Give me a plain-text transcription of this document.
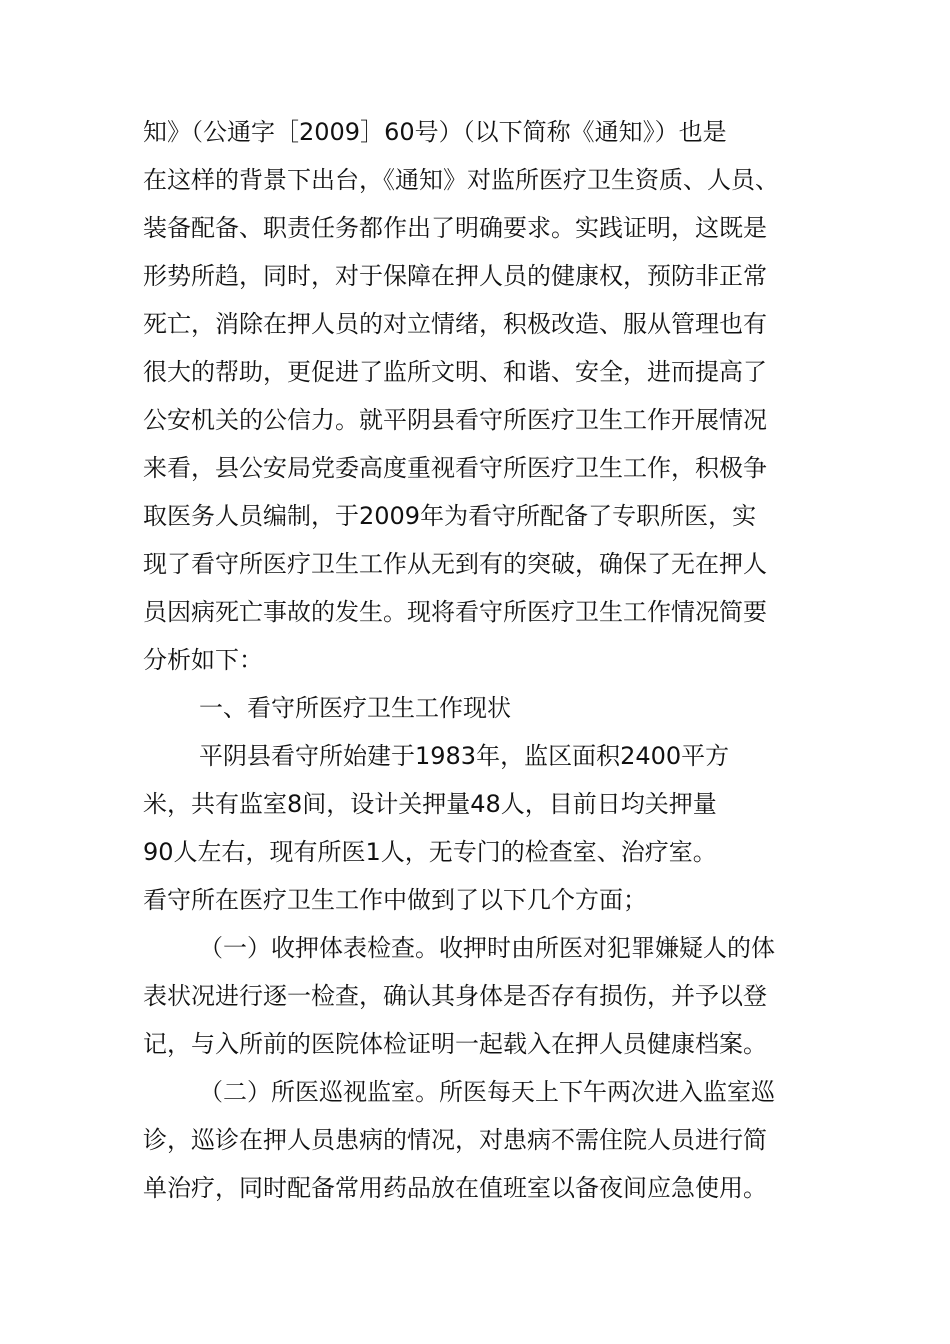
知》（公通字［2009］60号）（以下简称《通知》）也是
在这样的背景下出台，《通知》对监所医疗卫生资质、人员、
装备配备、职责任务都作出了明确要求。实践证明，这既是
形势所趋，同时，对于保障在押人员的健康权，预防非正常
死亡，消除在押人员的对立情绪，积极改造、服从管理也有
很大的帮助，更促进了监所文明、和谐、安全，进而提高了
公安机关的公信力。就平阴县看守所医疗卫生工作开展情况
来看，县公安局党委高度重视看守所医疗卫生工作，积极争
取医务人员编制，于2009年为看守所配备了专职所医，实
现了看守所医疗卫生工作从无到有的突破，确保了无在押人
员因病死亡事故的发生。现将看守所医疗卫生工作情况简要
分析如下：
一、看守所医疗卫生工作现状
平阴县看守所始建于1983年，监区面积2400平方
米，共有监室8间，设计关押量48人，目前日均关押量
90人左右，现有所医1人，无专门的检查室、治疗室。
看守所在医疗卫生工作中做到了以下几个方面；
（一）收押体表检查。收押时由所医对犯罪嫌疑人的体
表状况进行逐一检查，确认其身体是否存有损伤，并予以登
记，与入所前的医院体检证明一起载入在押人员健康档案。
（二）所医巡视监室。所医每天上下午两次进入监室巡
诊，巡诊在押人员患病的情况，对患病不需住院人员进行简
单治疗，同时配备常用药品放在值班室以备夜间应急使用。
